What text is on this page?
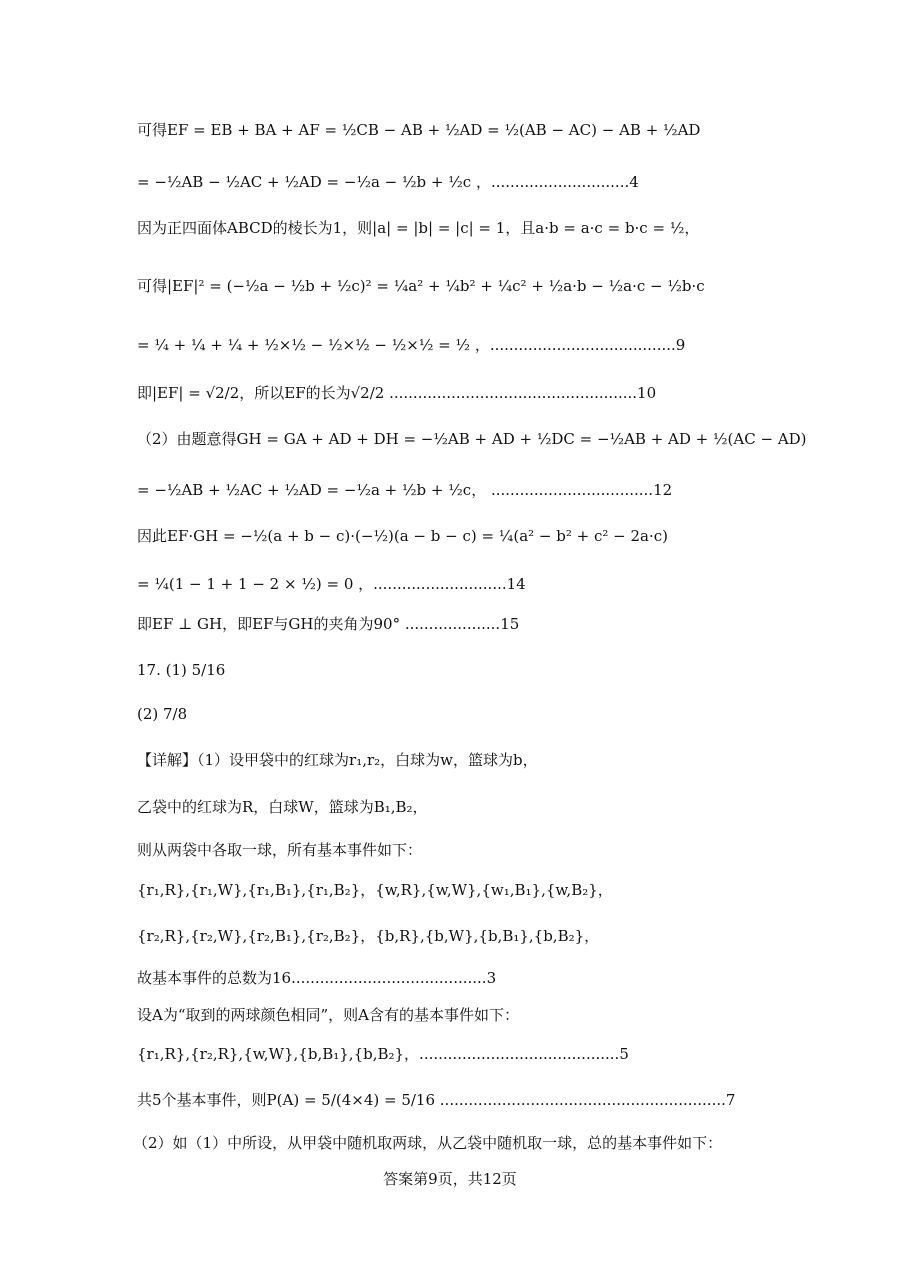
可得EF = EB + BA + AF = ½CB − AB + ½AD = ½(AB − AC) − AB + ½AD
= −½AB − ½AC + ½AD = −½a − ½b + ½c ，.............................4
因为正四面体ABCD的棱长为1，则|a| = |b| = |c| = 1，且a·b = a·c = b·c = ½，
可得|EF|² = (−½a − ½b + ½c)² = ¼a² + ¼b² + ¼c² + ½a·b − ½a·c − ½b·c
= ¼ + ¼ + ¼ + ½×½ − ½×½ − ½×½ = ½ ，.......................................9
即|EF| = √2/2，所以EF的长为√2/2 ....................................................10
（2）由题意得GH = GA + AD + DH = −½AB + AD + ½DC = −½AB + AD + ½(AC − AD)
= −½AB + ½AC + ½AD = −½a + ½b + ½c， ..................................12
因此EF·GH = −½(a + b − c)·(−½)(a − b − c) = ¼(a² − b² + c² − 2a·c)
= ¼(1 − 1 + 1 − 2 × ½) = 0 ，............................14
即EF ⊥ GH，即EF与GH的夹角为90° ....................15
17. (1) 5/16
(2) 7/8
【详解】（1）设甲袋中的红球为r₁,r₂，白球为w，篮球为b，
乙袋中的红球为R，白球W，篮球为B₁,B₂，
则从两袋中各取一球，所有基本事件如下：
{r₁,R},{r₁,W},{r₁,B₁},{r₁,B₂}，{w,R},{w,W},{w₁,B₁},{w,B₂}，
{r₂,R},{r₂,W},{r₂,B₁},{r₂,B₂}，{b,R},{b,W},{b,B₁},{b,B₂}，
故基本事件的总数为16.........................................3
设A为“取到的两球颜色相同”，则A含有的基本事件如下：
{r₁,R},{r₂,R},{w,W},{b,B₁},{b,B₂}，..........................................5
共5个基本事件，则P(A) = 5/(4×4) = 5/16 ............................................................7
（2）如（1）中所设，从甲袋中随机取两球，从乙袋中随机取一球，总的基本事件如下：
答案第9页，共12页
